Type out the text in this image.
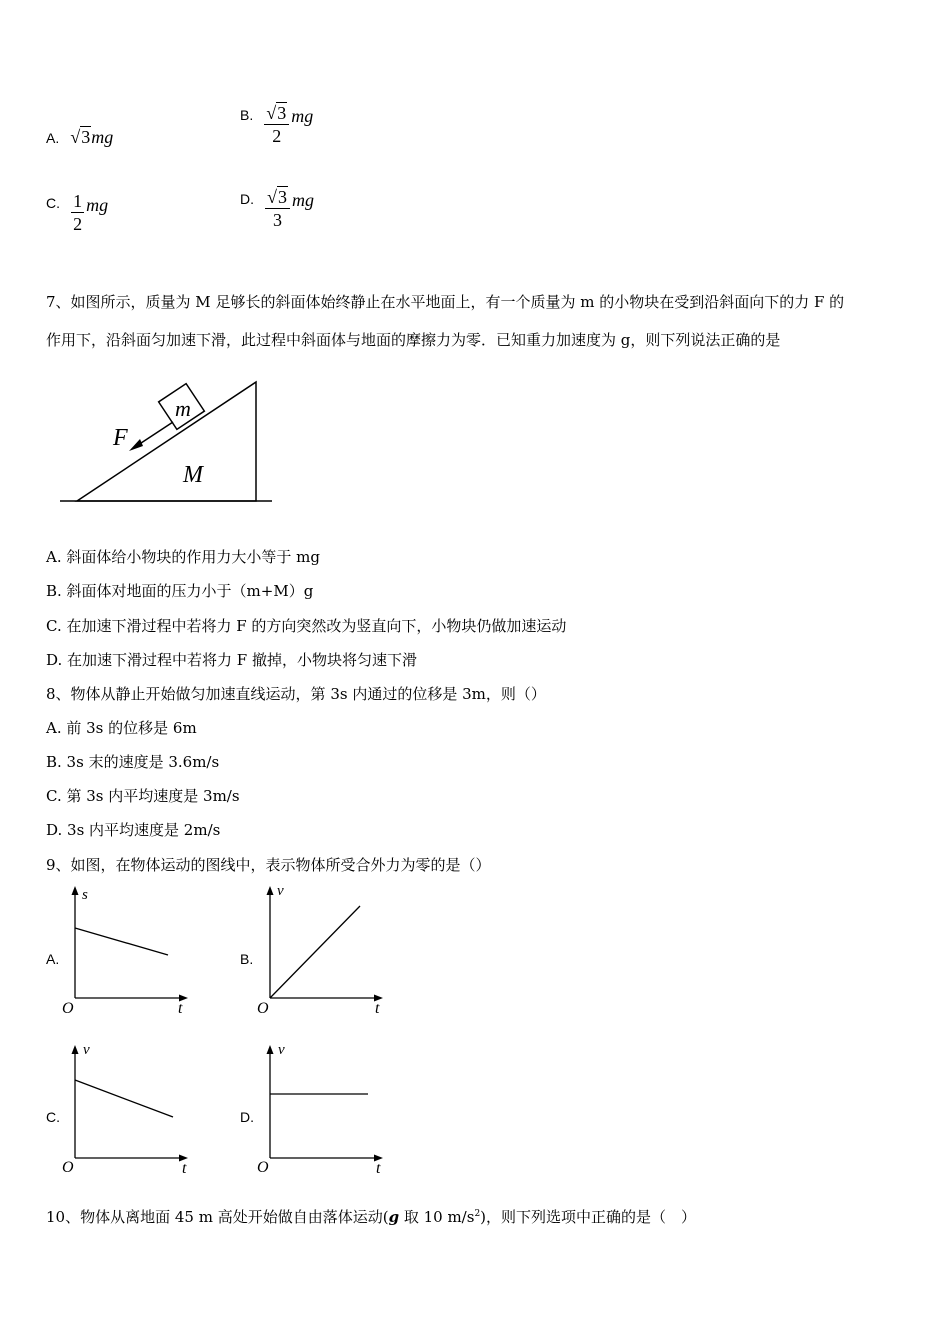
A. √ 3 mg
B. $\frac{√ 3}{2}$ mg
C. $\frac{1}{2}$ mg	D. $\frac{√ 3}{3}$ mg
7、如图所示，质量为 M 足够长的斜面体始终静止在水平地面上，有一个质量为 m 的小物块在受到沿斜面向下的力 F 的
作用下，沿斜面匀加速下滑，此过程中斜面体与地面的摩擦力为零．已知重力加速度为 g，则下列说法正确的是
m
F
M
A. 斜面体给小物块的作用力大小等于 mg
B. 斜面体对地面的压力小于（m+M）g
C. 在加速下滑过程中若将力 F 的方向突然改为竖直向下，小物块仍做加速运动
D. 在加速下滑过程中若将力 F 撤掉，小物块将匀速下滑
8、物体从静止开始做匀加速直线运动，第 3s 内通过的位移是 3m，则（）
A. 前 3s 的位移是 6m
B. 3s 末的速度是 3.6m/s
C. 第 3s 内平均速度是 3m/s
D. 3s 内平均速度是 2m/s
9、如图，在物体运动的图线中，表示物体所受合外力为零的是（）
A.
s
t
O
B.
v
t
O
C.
v
t
O
D.
v
t
O
10、物体从离地面 45 m 高处开始做自由落体运动(g 取 10 $m/s^2$)，则下列选项中正确的是（　）
